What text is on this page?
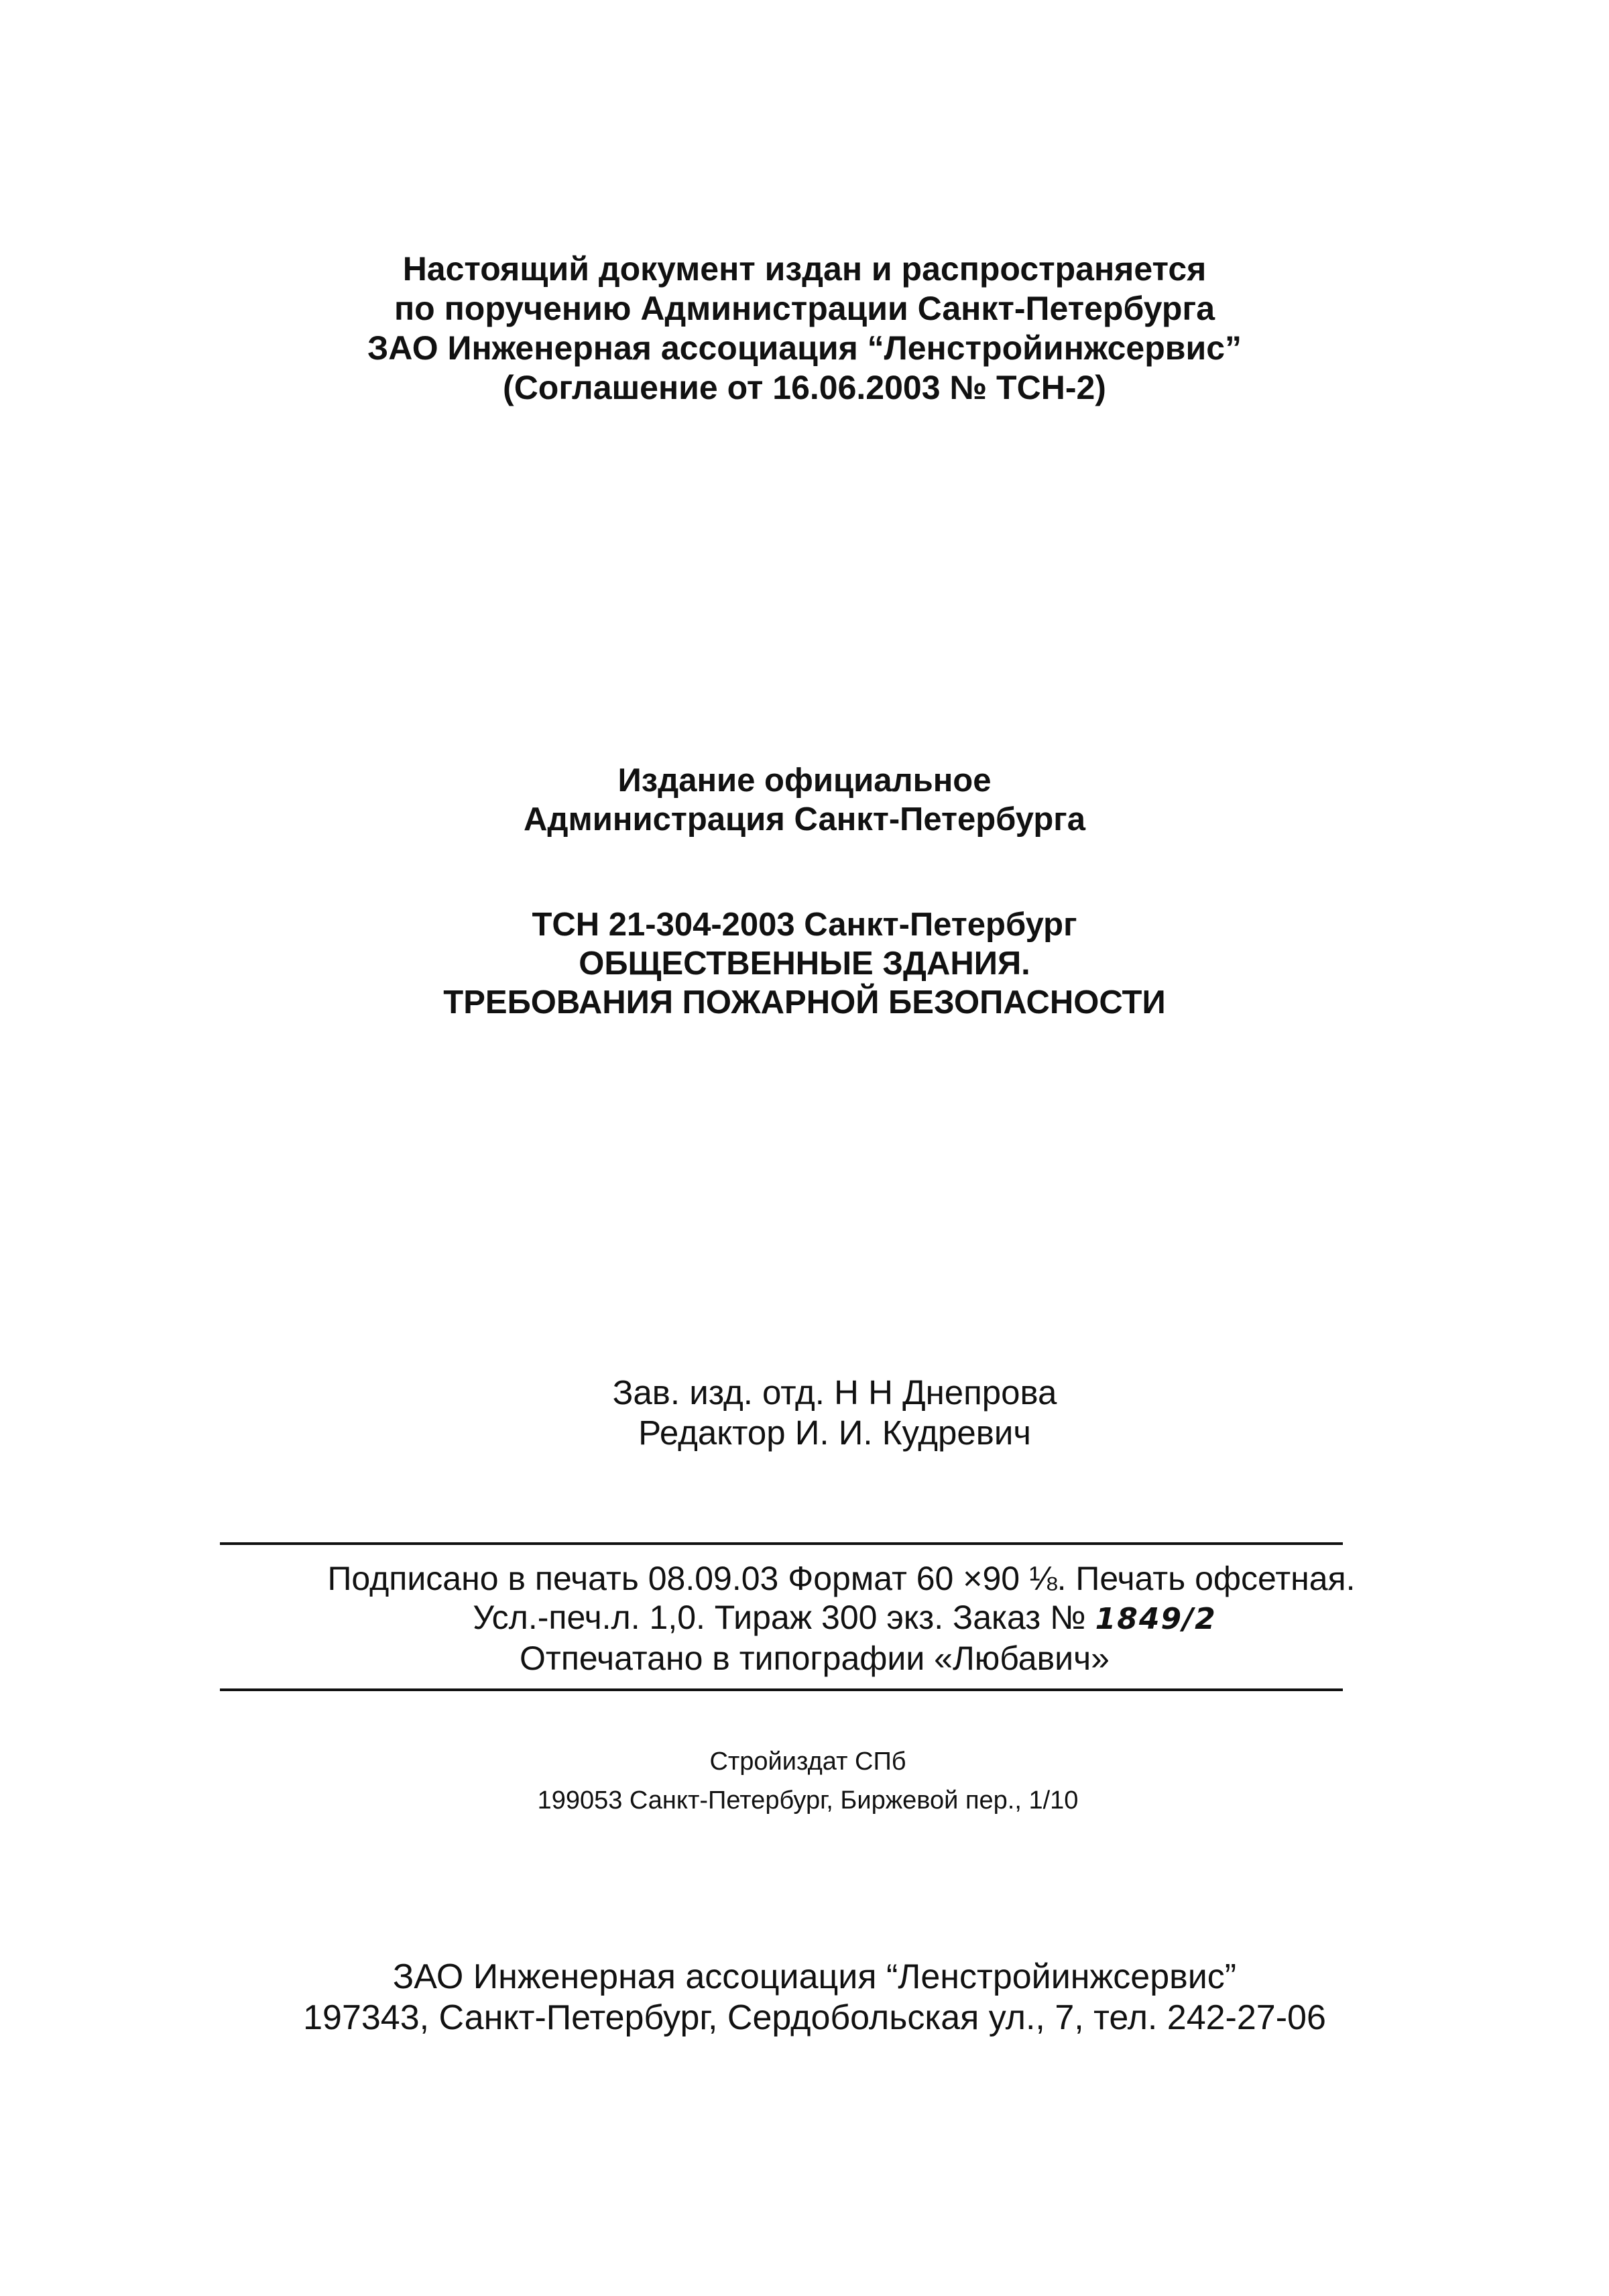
Настоящий документ издан и распространяется
по поручению Администрации Санкт-Петербурга
ЗАО Инженерная ассоциация “Ленстройинжсервис”
(Соглашение от 16.06.2003 № ТСН-2)
Издание официальное
Администрация Санкт-Петербурга
ТСН 21-304-2003 Санкт-Петербург
ОБЩЕСТВЕННЫЕ ЗДАНИЯ.
ТРЕБОВАНИЯ ПОЖАРНОЙ БЕЗОПАСНОСТИ
Зав. изд. отд. Н Н Днепрова
Редактор И. И. Кудревич
Подписано в печать 08.09.03 Формат 60 ×90 ⅛. Печать офсетная.
Усл.-печ.л. 1,0. Тираж 300 экз. Заказ № 1849/2
Отпечатано в типографии «Любавич»
Стройиздат СПб
199053 Санкт-Петербург, Биржевой пер., 1/10
ЗАО Инженерная ассоциация “Ленстройинжсервис”
197343, Санкт-Петербург, Сердобольская ул., 7, тел. 242-27-06
